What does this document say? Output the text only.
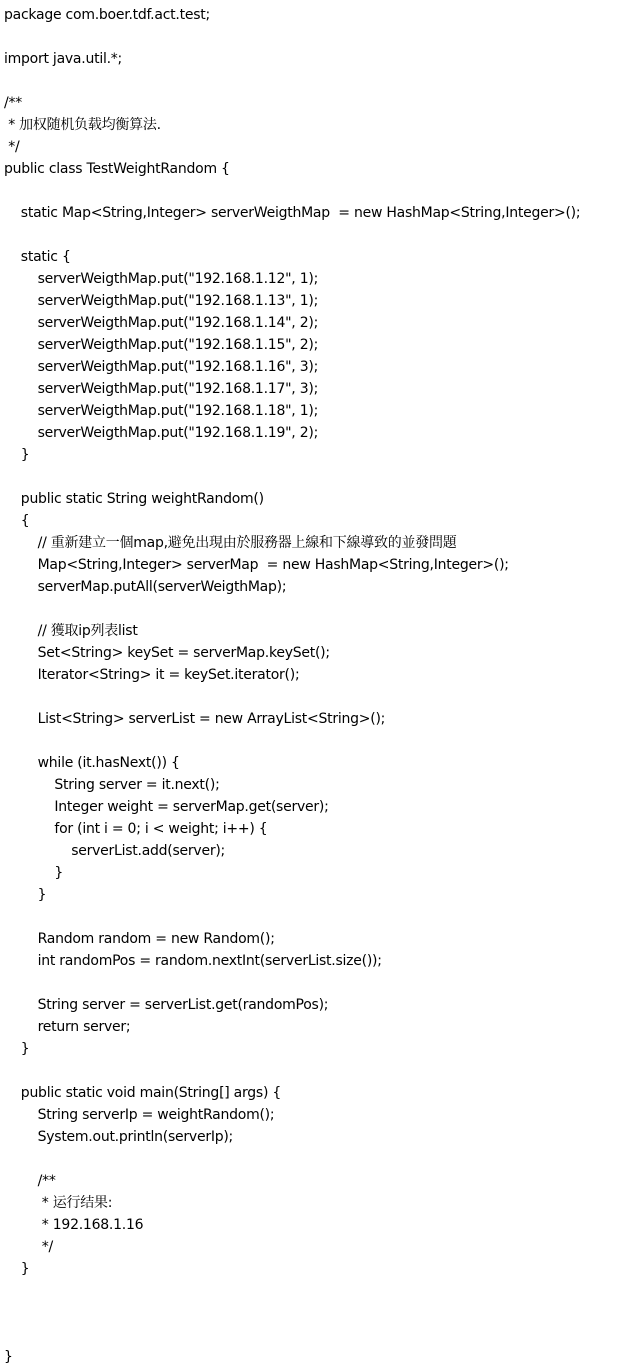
package com.boer.tdf.act.test;
import java.util.*;
/**
* 加权随机负载均衡算法.
*/
public class TestWeightRandom {
static Map<String,Integer> serverWeigthMap  = new HashMap<String,Integer>();
static {
serverWeigthMap.put("192.168.1.12", 1);
serverWeigthMap.put("192.168.1.13", 1);
serverWeigthMap.put("192.168.1.14", 2);
serverWeigthMap.put("192.168.1.15", 2);
serverWeigthMap.put("192.168.1.16", 3);
serverWeigthMap.put("192.168.1.17", 3);
serverWeigthMap.put("192.168.1.18", 1);
serverWeigthMap.put("192.168.1.19", 2);
}
public static String weightRandom()
{
// 重新建立一個map,避免出現由於服務器上線和下線導致的並發問題
Map<String,Integer> serverMap  = new HashMap<String,Integer>();
serverMap.putAll(serverWeigthMap);
// 獲取ip列表list
Set<String> keySet = serverMap.keySet();
Iterator<String> it = keySet.iterator();
List<String> serverList = new ArrayList<String>();
while (it.hasNext()) {
String server = it.next();
Integer weight = serverMap.get(server);
for (int i = 0; i < weight; i++) {
serverList.add(server);
}
}
Random random = new Random();
int randomPos = random.nextInt(serverList.size());
String server = serverList.get(randomPos);
return server;
}
public static void main(String[] args) {
String serverIp = weightRandom();
System.out.println(serverIp);
/**
* 运行结果:
* 192.168.1.16
*/
}
}
